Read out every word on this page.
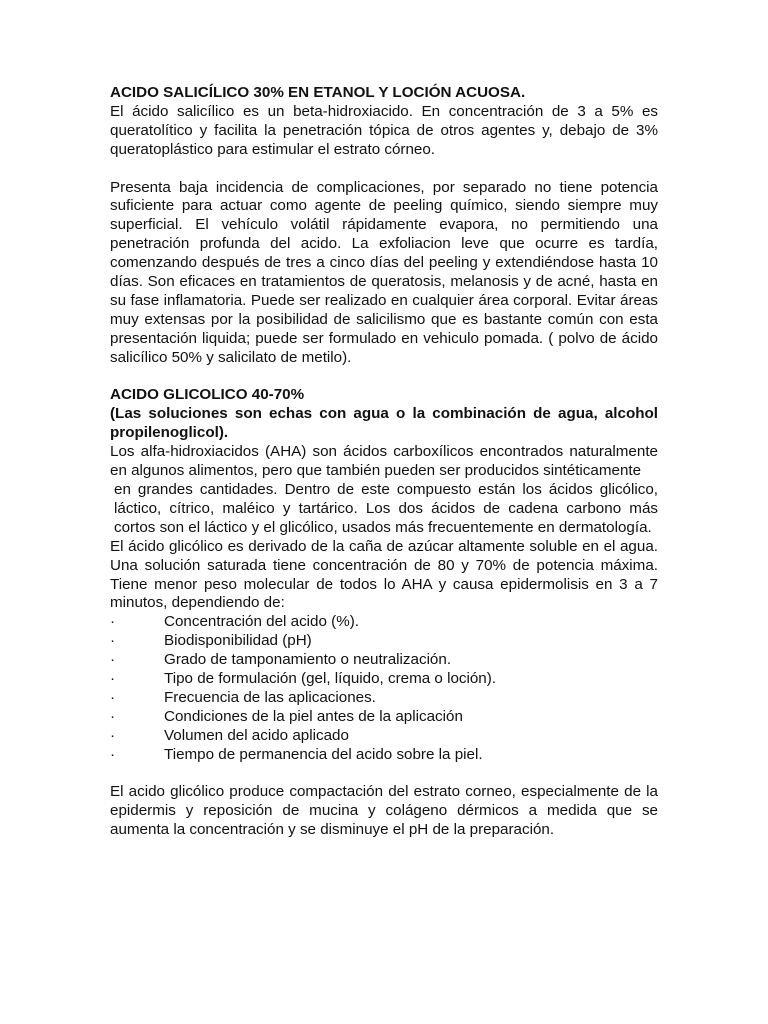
ACIDO SALICÍLICO 30% EN ETANOL Y LOCIÓN ACUOSA.

El ácido salicílico es un beta-hidroxiacido. En concentración de 3 a 5% es queratolítico y facilita la penetración tópica de otros agentes y, debajo de 3% queratoplástico para estimular el estrato córneo.

Presenta baja incidencia de complicaciones, por separado no tiene potencia suficiente para actuar como agente de peeling químico, siendo siempre muy superficial. El vehículo volátil rápidamente evapora, no permitiendo una penetración profunda del acido. La exfoliacion leve que ocurre es tardía, comenzando después de tres a cinco días del peeling y extendiéndose hasta 10 días. Son eficaces en tratamientos de queratosis, melanosis y de acné, hasta en su fase inflamatoria. Puede ser realizado en cualquier área corporal. Evitar áreas muy extensas por la posibilidad de salicilismo que es bastante común con esta presentación liquida; puede ser formulado en vehiculo pomada. ( polvo de ácido salicílico 50% y salicilato de metilo).

ACIDO GLICOLICO 40-70%

(Las soluciones son echas con agua o la combinación de agua, alcohol propilenoglicol).

Los alfa-hidroxiacidos (AHA) son ácidos carboxílicos encontrados naturalmente en algunos alimentos, pero que también pueden ser producidos sintéticamente

en grandes cantidades. Dentro de este compuesto están los ácidos glicólico, láctico, cítrico, maléico y tartárico. Los dos ácidos de cadena carbono más cortos son el láctico y el glicólico, usados más frecuentemente en dermatología.

El ácido glicólico es derivado de la caña de azúcar altamente soluble en el agua. Una solución saturada tiene concentración de 80 y 70% de potencia máxima. Tiene menor peso molecular de todos lo AHA y causa epidermolisis en 3 a 7 minutos, dependiendo de:

·	Concentración del acido (%).
·	Biodisponibilidad (pH)
·	Grado de tamponamiento o neutralización.
·	Tipo de formulación (gel, líquido, crema o loción).
·	Frecuencia de las aplicaciones.
·	Condiciones de la piel antes de la aplicación
·	Volumen del acido aplicado
·	Tiempo de permanencia del acido sobre la piel.

El acido glicólico produce compactación del estrato corneo, especialmente de la epidermis y reposición de mucina y colágeno dérmicos a medida que se aumenta la concentración y se disminuye el pH de la preparación.
